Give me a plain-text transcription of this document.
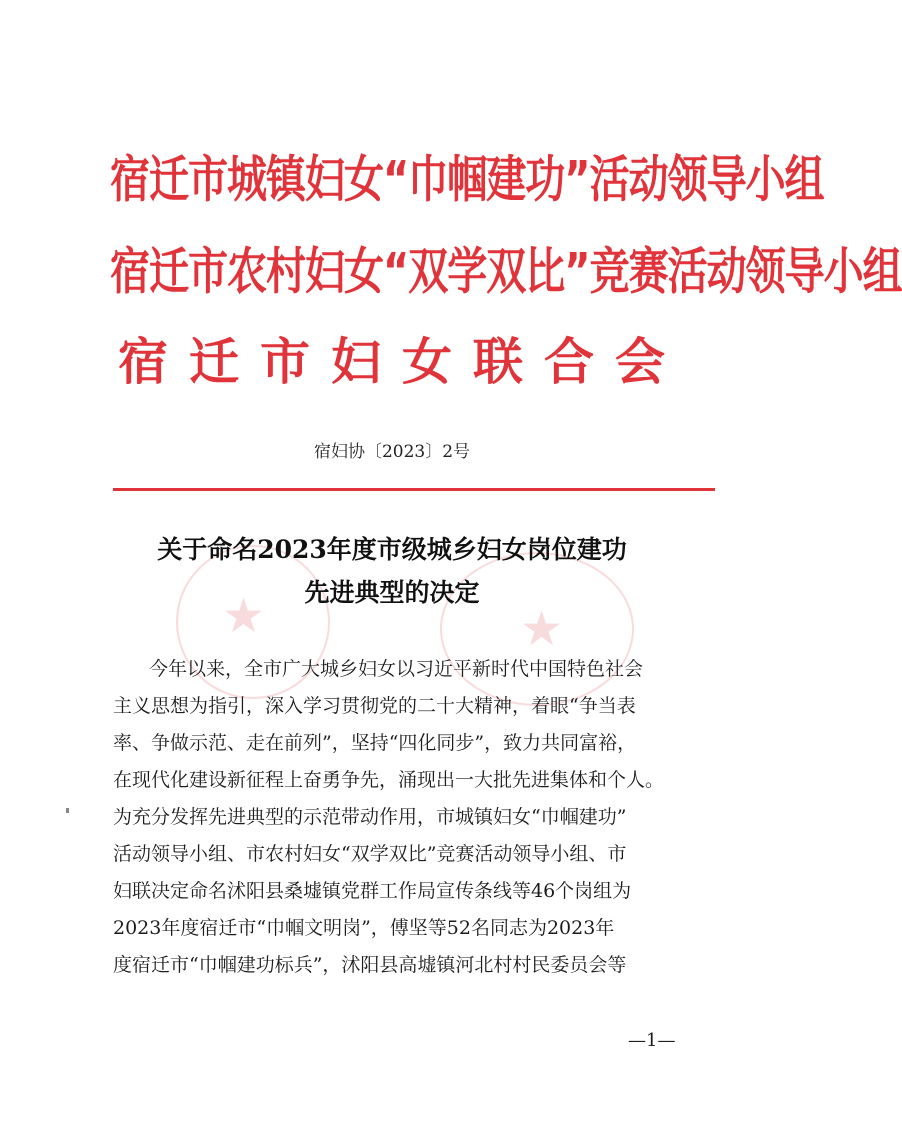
宿迁市城镇妇女“巾帼建功”活动领导小组
宿迁市农村妇女“双学双比”竞赛活动领导小组
宿迁市妇女联合会
宿妇协〔2023〕2号
★	★
关于命名2023年度市级城乡妇女岗位建功
先进典型的决定
今年以来，全市广大城乡妇女以习近平新时代中国特色社会
主义思想为指引，深入学习贯彻党的二十大精神，着眼“争当表
率、争做示范、走在前列”，坚持“四化同步”，致力共同富裕，
在现代化建设新征程上奋勇争先，涌现出一大批先进集体和个人。
为充分发挥先进典型的示范带动作用，市城镇妇女“巾帼建功”
活动领导小组、市农村妇女“双学双比”竞赛活动领导小组、市
妇联决定命名沭阳县桑墟镇党群工作局宣传条线等46个岗组为
2023年度宿迁市“巾帼文明岗”，傅坚等52名同志为2023年
度宿迁市“巾帼建功标兵”，沭阳县高墟镇河北村村民委员会等
—1—
